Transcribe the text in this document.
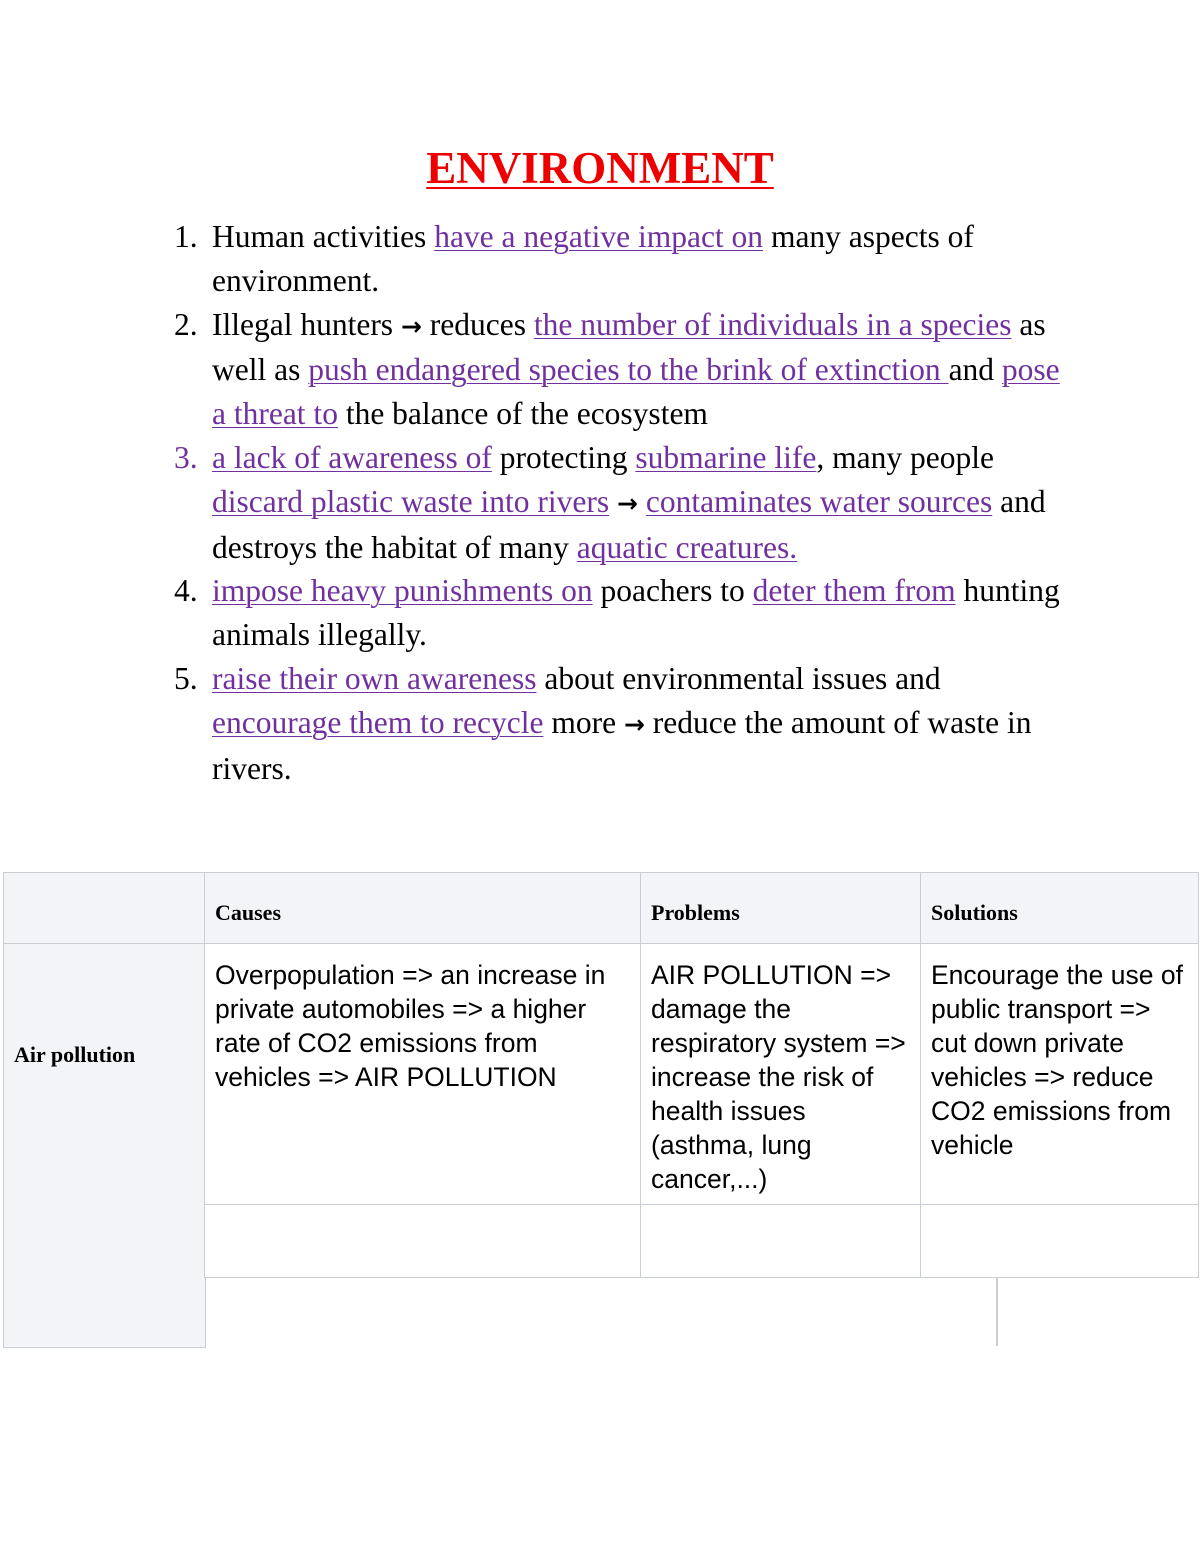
ENVIRONMENT
1. Human activities have a negative impact on many aspects of environment.
2. Illegal hunters → reduces the number of individuals in a species as well as push endangered species to the brink of extinction and pose a threat to the balance of the ecosystem
3. a lack of awareness of protecting submarine life, many people discard plastic waste into rivers → contaminates water sources and destroys the habitat of many aquatic creatures.
4. impose heavy punishments on poachers to deter them from hunting animals illegally.
5. raise their own awareness about environmental issues and encourage them to recycle more → reduce the amount of waste in rivers.
Causes	Problems	Solutions
Air pollution
Overpopulation => an increase in private automobiles => a higher rate of CO2 emissions from vehicles => AIR POLLUTION
AIR POLLUTION => damage the respiratory system => increase the risk of health issues (asthma, lung cancer,...)
Encourage the use of public transport => cut down private vehicles => reduce CO2 emissions from vehicle
